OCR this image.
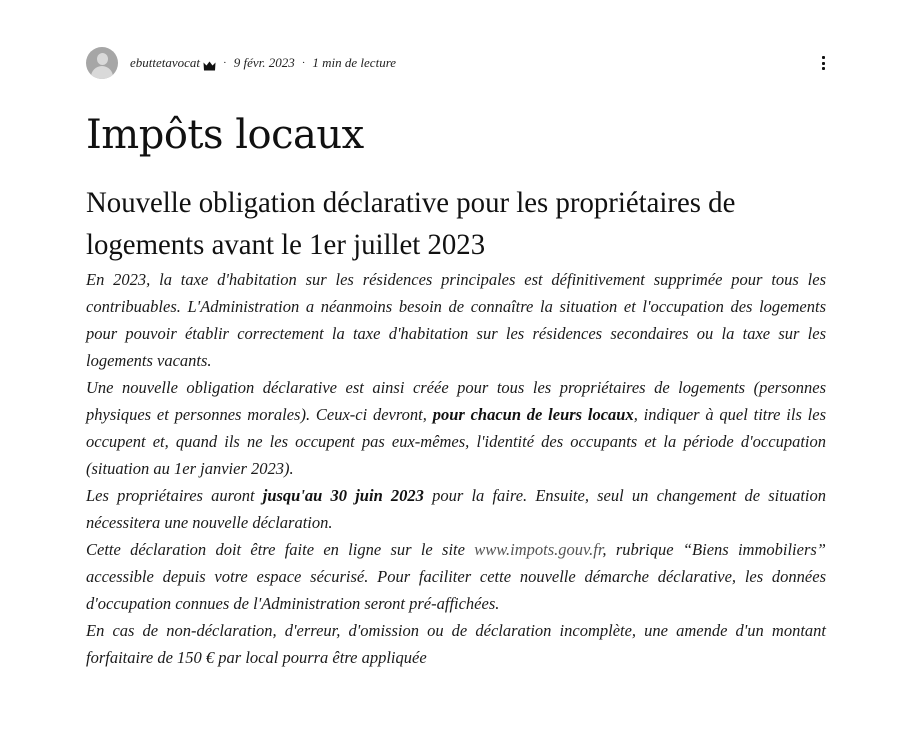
ebuttetavocat · 9 févr. 2023 · 1 min de lecture
Impôts locaux
Nouvelle obligation déclarative pour les propriétaires de logements avant le 1er juillet 2023

En 2023, la taxe d'habitation sur les résidences principales est définitivement supprimée pour tous les contribuables. L'Administration a néanmoins besoin de connaître la situation et l'occupation des logements pour pouvoir établir correctement la taxe d'habitation sur les résidences secondaires ou la taxe sur les logements vacants.

Une nouvelle obligation déclarative est ainsi créée pour tous les propriétaires de logements (personnes physiques et personnes morales). Ceux-ci devront, pour chacun de leurs locaux, indiquer à quel titre ils les occupent et, quand ils ne les occupent pas eux-mêmes, l'identité des occupants et la période d'occupation (situation au 1er janvier 2023).

Les propriétaires auront jusqu'au 30 juin 2023 pour la faire. Ensuite, seul un changement de situation nécessitera une nouvelle déclaration.

Cette déclaration doit être faite en ligne sur le site www.impots.gouv.fr, rubrique “Biens immobiliers” accessible depuis votre espace sécurisé. Pour faciliter cette nouvelle démarche déclarative, les données d'occupation connues de l'Administration seront pré-affichées.

En cas de non-déclaration, d'erreur, d'omission ou de déclaration incomplète, une amende d'un montant forfaitaire de 150 € par local pourra être appliquée
